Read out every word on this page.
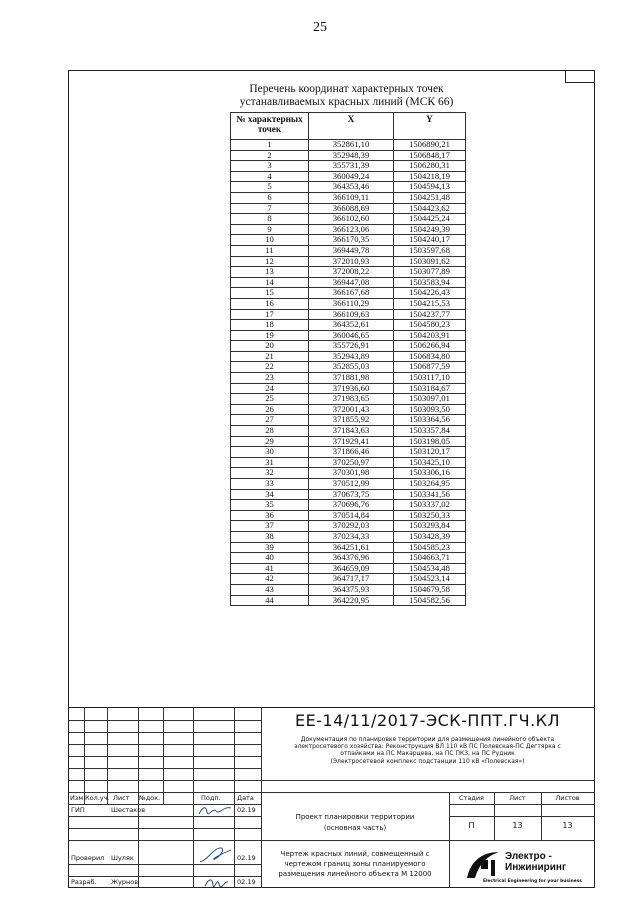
25
Перечень координат характерных точек
устанавливаемых красных линий (МСК 66)
№ характерных точек	X	Y
1	352861,10	1506890,21
2	352948,39	1506848,17
3	355731,39	1506280,31
4	360049,24	1504218,19
5	364353,46	1504594,13
6	366109,11	1504251,48
7	366088,69	1504423,62
8	366102,60	1504425,24
9	366123,06	1504249,39
10	366170,35	1504240,17
11	369449,78	1503597,68
12	372010,93	1503091,62
13	372008,22	1503077,89
14	369447,08	1503583,94
15	366167,68	1504226,43
16	366110,29	1504215,53
17	366109,63	1504237,77
18	364352,61	1504580,23
19	360046,65	1504203,91
20	355726,91	1506266,94
21	352943,89	1506834,80
22	352855,03	1506877,59
23	371881,98	1503117,10
24	371936,60	1503184,67
25	371983,65	1503097,01
26	372001,43	1503093,50
27	371855,92	1503364,56
28	371843,63	1503357,84
29	371929,41	1503198,05
30	371866,46	1503120,17
31	370250,97	1503425,10
32	370301,98	1503306,16
33	370512,99	1503264,95
34	370673,75	1503341,56
35	370696,76	1503337,02
36	370514,84	1503250,33
37	370292,03	1503293,84
38	370234,33	1503428,39
39	364251,61	1504585,23
40	364376,96	1504663,71
41	364659,09	1504534,48
42	364717,17	1504523,14
43	364375,93	1504679,58
44	364220,95	1504582,56
ЕЕ-14/11/2017-ЭСК-ППТ.ГЧ.КЛ
Документация по планировке территории для размещения линейного объекта
электросетевого хозяйства: Реконструкция ВЛ 110 кВ ПС Полевская-ПС Дегтярка с
отпайками на ПС Макарцева, на ПС ПКЗ, на ПС Рудник
(Электросетевой комплекс подстанции 110 кВ «Полевская»)
Изм. Кол.уч. Лист №док.	Подп.	Дата
ГИП	Шестаков	02.19
Проверил Шуляк	02.19
Разраб. Журнов	02.19
Проект планировки территории
(основная часть)
Стадия	Лист	Листов
П	13	13
Чертеж красных линий, совмещенный с
чертежом границ зоны планируемого
размещения линейного объекта М 12000
Электро -
Инжиниринг
Electrical Engineering for your business
